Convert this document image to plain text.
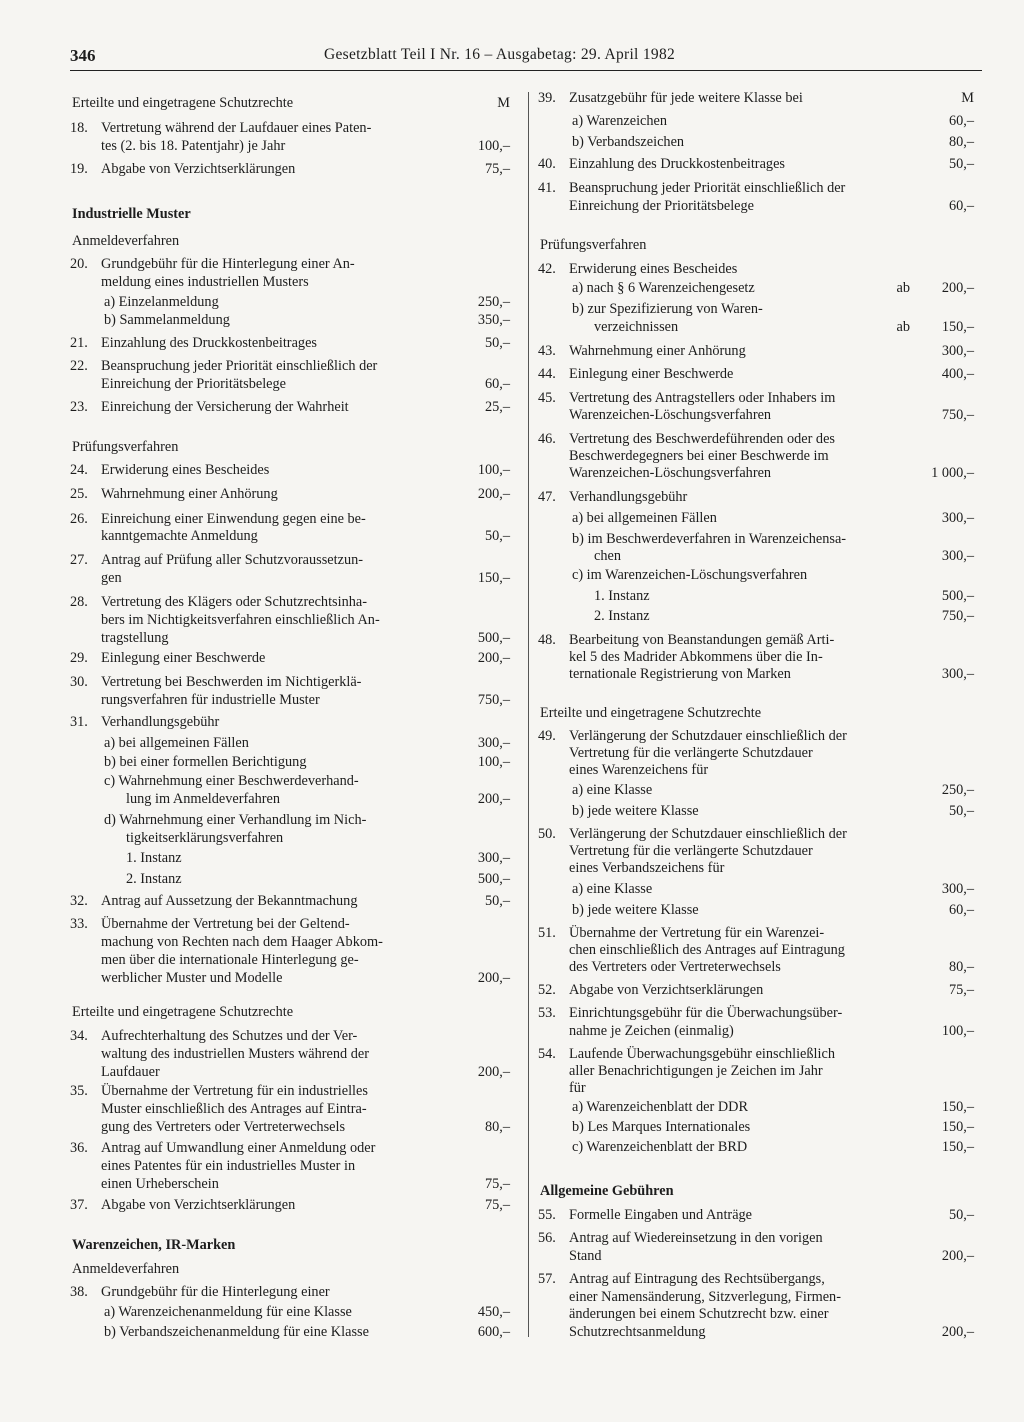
346	Gesetzblatt Teil I Nr. 16 – Ausgabetag: 29. April 1982
Erteilte und eingetragene Schutzrechte	M
18. Vertretung während der Laufdauer eines Paten-
tes (2. bis 18. Patentjahr) je Jahr	100,–
19. Abgabe von Verzichtserklärungen	75,–
Industrielle Muster
Anmeldeverfahren
20. Grundgebühr für die Hinterlegung einer An-
meldung eines industriellen Musters
a) Einzelanmeldung	250,–
b) Sammelanmeldung	350,–
21. Einzahlung des Druckkostenbeitrages	50,–
22. Beanspruchung jeder Priorität einschließlich der
Einreichung der Prioritätsbelege	60,–
23. Einreichung der Versicherung der Wahrheit	25,–
Prüfungsverfahren
24. Erwiderung eines Bescheides	100,–
25. Wahrnehmung einer Anhörung	200,–
26. Einreichung einer Einwendung gegen eine be-
kanntgemachte Anmeldung	50,–
27. Antrag auf Prüfung aller Schutzvoraussetzun-
gen	150,–
28. Vertretung des Klägers oder Schutzrechtsinha-
bers im Nichtigkeitsverfahren einschließlich An-
tragstellung	500,–
29. Einlegung einer Beschwerde	200,–
30. Vertretung bei Beschwerden im Nichtigerklä-
rungsverfahren für industrielle Muster	750,–
31. Verhandlungsgebühr
a) bei allgemeinen Fällen	300,–
b) bei einer formellen Berichtigung	100,–
c) Wahrnehmung einer Beschwerdeverhand-
lung im Anmeldeverfahren	200,–
d) Wahrnehmung einer Verhandlung im Nich-
tigkeitserklärungsverfahren
1. Instanz	300,–
2. Instanz	500,–
32. Antrag auf Aussetzung der Bekanntmachung	50,–
33. Übernahme der Vertretung bei der Geltend-
machung von Rechten nach dem Haager Abkom-
men über die internationale Hinterlegung ge-
werblicher Muster und Modelle	200,–
Erteilte und eingetragene Schutzrechte
34. Aufrechterhaltung des Schutzes und der Ver-
waltung des industriellen Musters während der
Laufdauer	200,–
35. Übernahme der Vertretung für ein industrielles
Muster einschließlich des Antrages auf Eintra-
gung des Vertreters oder Vertreterwechsels	80,–
36. Antrag auf Umwandlung einer Anmeldung oder
eines Patentes für ein industrielles Muster in
einen Urheberschein	75,–
37. Abgabe von Verzichtserklärungen	75,–
Warenzeichen, IR-Marken
Anmeldeverfahren
38. Grundgebühr für die Hinterlegung einer
a) Warenzeichenanmeldung für eine Klasse	450,–
b) Verbandszeichenanmeldung für eine Klasse	600,–
39. Zusatzgebühr für jede weitere Klasse bei	M
a) Warenzeichen	60,–
b) Verbandszeichen	80,–
40. Einzahlung des Druckkostenbeitrages	50,–
41. Beanspruchung jeder Priorität einschließlich der
Einreichung der Prioritätsbelege	60,–
Prüfungsverfahren
42. Erwiderung eines Bescheides
a) nach § 6 Warenzeichengesetz	ab 200,–
b) zur Spezifizierung von Waren-
verzeichnissen	ab 150,–
43. Wahrnehmung einer Anhörung	300,–
44. Einlegung einer Beschwerde	400,–
45. Vertretung des Antragstellers oder Inhabers im
Warenzeichen-Löschungsverfahren	750,–
46. Vertretung des Beschwerdeführenden oder des
Beschwerdegegners bei einer Beschwerde im
Warenzeichen-Löschungsverfahren	1 000,–
47. Verhandlungsgebühr
a) bei allgemeinen Fällen	300,–
b) im Beschwerdeverfahren in Warenzeichensa-
chen	300,–
c) im Warenzeichen-Löschungsverfahren
1. Instanz	500,–
2. Instanz	750,–
48. Bearbeitung von Beanstandungen gemäß Arti-
kel 5 des Madrider Abkommens über die In-
ternationale Registrierung von Marken	300,–
Erteilte und eingetragene Schutzrechte
49. Verlängerung der Schutzdauer einschließlich der
Vertretung für die verlängerte Schutzdauer
eines Warenzeichens für
a) eine Klasse	250,–
b) jede weitere Klasse	50,–
50. Verlängerung der Schutzdauer einschließlich der
Vertretung für die verlängerte Schutzdauer
eines Verbandszeichens für
a) eine Klasse	300,–
b) jede weitere Klasse	60,–
51. Übernahme der Vertretung für ein Warenzei-
chen einschließlich des Antrages auf Eintragung
des Vertreters oder Vertreterwechsels	80,–
52. Abgabe von Verzichtserklärungen	75,–
53. Einrichtungsgebühr für die Überwachungsüber-
nahme je Zeichen (einmalig)	100,–
54. Laufende Überwachungsgebühr einschließlich
aller Benachrichtigungen je Zeichen im Jahr
für
a) Warenzeichenblatt der DDR	150,–
b) Les Marques Internationales	150,–
c) Warenzeichenblatt der BRD	150,–
Allgemeine Gebühren
55. Formelle Eingaben und Anträge	50,–
56. Antrag auf Wiedereinsetzung in den vorigen
Stand	200,–
57. Antrag auf Eintragung des Rechtsübergangs,
einer Namensänderung, Sitzverlegung, Firmen-
änderungen bei einem Schutzrecht bzw. einer
Schutzrechtsanmeldung	200,–
